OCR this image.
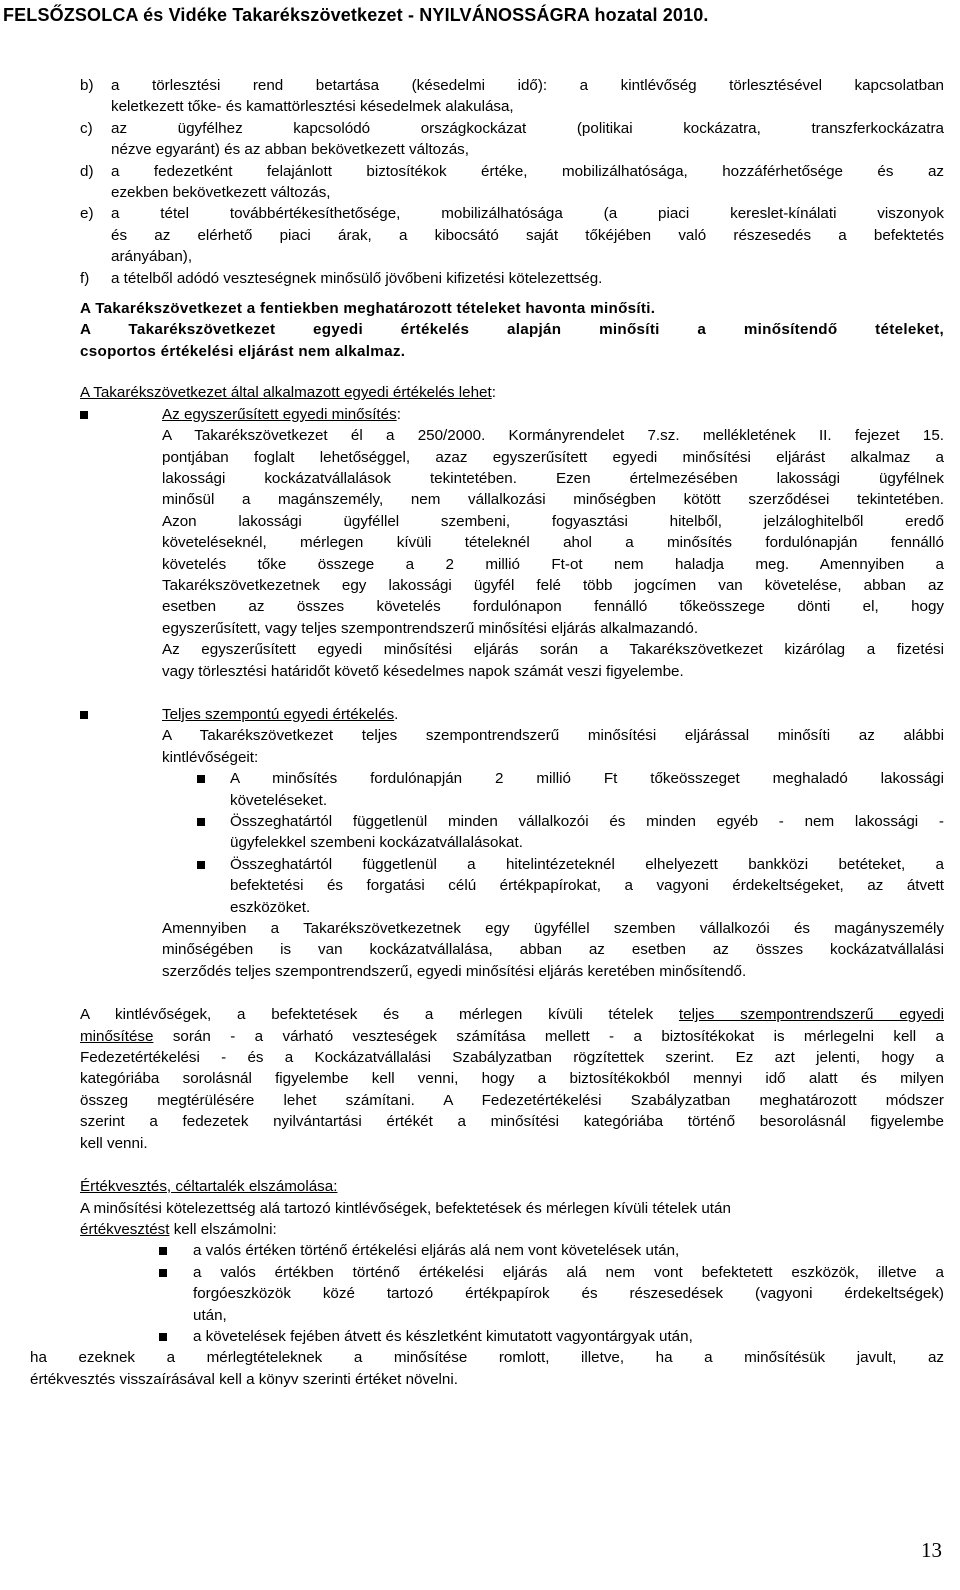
FELSŐZSOLCA és Vidéke Takarékszövetkezet - NYILVÁNOSSÁGRA hozatal 2010.
b) a törlesztési rend betartása (késedelmi idő): a kintlévőség törlesztésével kapcsolatban
keletkezett tőke- és kamattörlesztési késedelmek alakulása,
c) az ügyfélhez kapcsolódó országkockázat (politikai kockázatra, transzferkockázatra
nézve egyaránt) és az abban bekövetkezett változás,
d) a fedezetként felajánlott biztosítékok értéke, mobilizálhatósága, hozzáférhetősége és az
ezekben bekövetkezett változás,
e) a tétel továbbértékesíthetősége, mobilizálhatósága (a piaci kereslet-kínálati viszonyok
és az elérhető piaci árak, a kibocsátó saját tőkéjében való részesedés a befektetés
arányában),
f) a tételből adódó veszteségnek minősülő jövőbeni kifizetési kötelezettség.
A Takarékszövetkezet a fentiekben meghatározott tételeket havonta minősíti.
A Takarékszövetkezet egyedi értékelés alapján minősíti a minősítendő tételeket,
csoportos értékelési eljárást nem alkalmaz.
A Takarékszövetkezet által alkalmazott egyedi értékelés lehet:
Az egyszerűsített egyedi minősítés:
A Takarékszövetkezet él a 250/2000. Kormányrendelet 7.sz. mellékletének II. fejezet 15.
pontjában foglalt lehetőséggel, azaz egyszerűsített egyedi minősítési eljárást alkalmaz a
lakossági kockázatvállalások tekintetében. Ezen értelmezésében lakossági ügyfélnek
minősül a magánszemély, nem vállalkozási minőségben kötött szerződései tekintetében.
Azon lakossági ügyféllel szembeni, fogyasztási hitelből, jelzáloghitelből eredő
követeléseknél, mérlegen kívüli tételeknél ahol a minősítés fordulónapján fennálló
követelés tőke összege a 2 millió Ft-ot nem haladja meg. Amennyiben a
Takarékszövetkezetnek egy lakossági ügyfél felé több jogcímen van követelése, abban az
esetben az összes követelés fordulónapon fennálló tőkeösszege dönti el, hogy
egyszerűsített, vagy teljes szempontrendszerű minősítési eljárás alkalmazandó.
Az egyszerűsített egyedi minősítési eljárás során a Takarékszövetkezet kizárólag a fizetési
vagy törlesztési határidőt követő késedelmes napok számát veszi figyelembe.
Teljes szempontú egyedi értékelés.
A Takarékszövetkezet teljes szempontrendszerű minősítési eljárással minősíti az alábbi
kintlévőségeit:
A minősítés fordulónapján 2 millió Ft tőkeösszeget meghaladó lakossági
követeléseket.
Összeghatártól függetlenül minden vállalkozói és minden egyéb - nem lakossági -
ügyfelekkel szembeni kockázatvállalásokat.
Összeghatártól függetlenül a hitelintézeteknél elhelyezett bankközi betéteket, a
befektetési és forgatási célú értékpapírokat, a vagyoni érdekeltségeket, az átvett
eszközöket.
Amennyiben a Takarékszövetkezetnek egy ügyféllel szemben vállalkozói és magányszemély
minőségében is van kockázatvállalása, abban az esetben az összes kockázatvállalási
szerződés teljes szempontrendszerű, egyedi minősítési eljárás keretében minősítendő.
A kintlévőségek, a befektetések és a mérlegen kívüli tételek teljes szempontrendszerű egyedi
minősítése során - a várható veszteségek számítása mellett - a biztosítékokat is mérlegelni kell a
Fedezetértékelési - és a Kockázatvállalási Szabályzatban rögzítettek szerint. Ez azt jelenti, hogy a
kategóriába sorolásnál figyelembe kell venni, hogy a biztosítékokból mennyi idő alatt és milyen
összeg megtérülésére lehet számítani. A Fedezetértékelési Szabályzatban meghatározott módszer
szerint a fedezetek nyilvántartási értékét a minősítési kategóriába történő besorolásnál figyelembe
kell venni.
Értékvesztés, céltartalék elszámolása:
A minősítési kötelezettség alá tartozó kintlévőségek, befektetések és mérlegen kívüli tételek után
értékvesztést kell elszámolni:
a valós értéken történő értékelési eljárás alá nem vont követelések után,
a valós értékben történő értékelési eljárás alá nem vont befektetett eszközök, illetve a
forgóeszközök közé tartozó értékpapírok és részesedések (vagyoni érdekeltségek)
után,
a követelések fejében átvett és készletként kimutatott vagyontárgyak után,
ha ezeknek a mérlegtételeknek a minősítése romlott, illetve, ha a minősítésük javult, az
értékvesztés visszaírásával kell a könyv szerinti értéket növelni.
13
